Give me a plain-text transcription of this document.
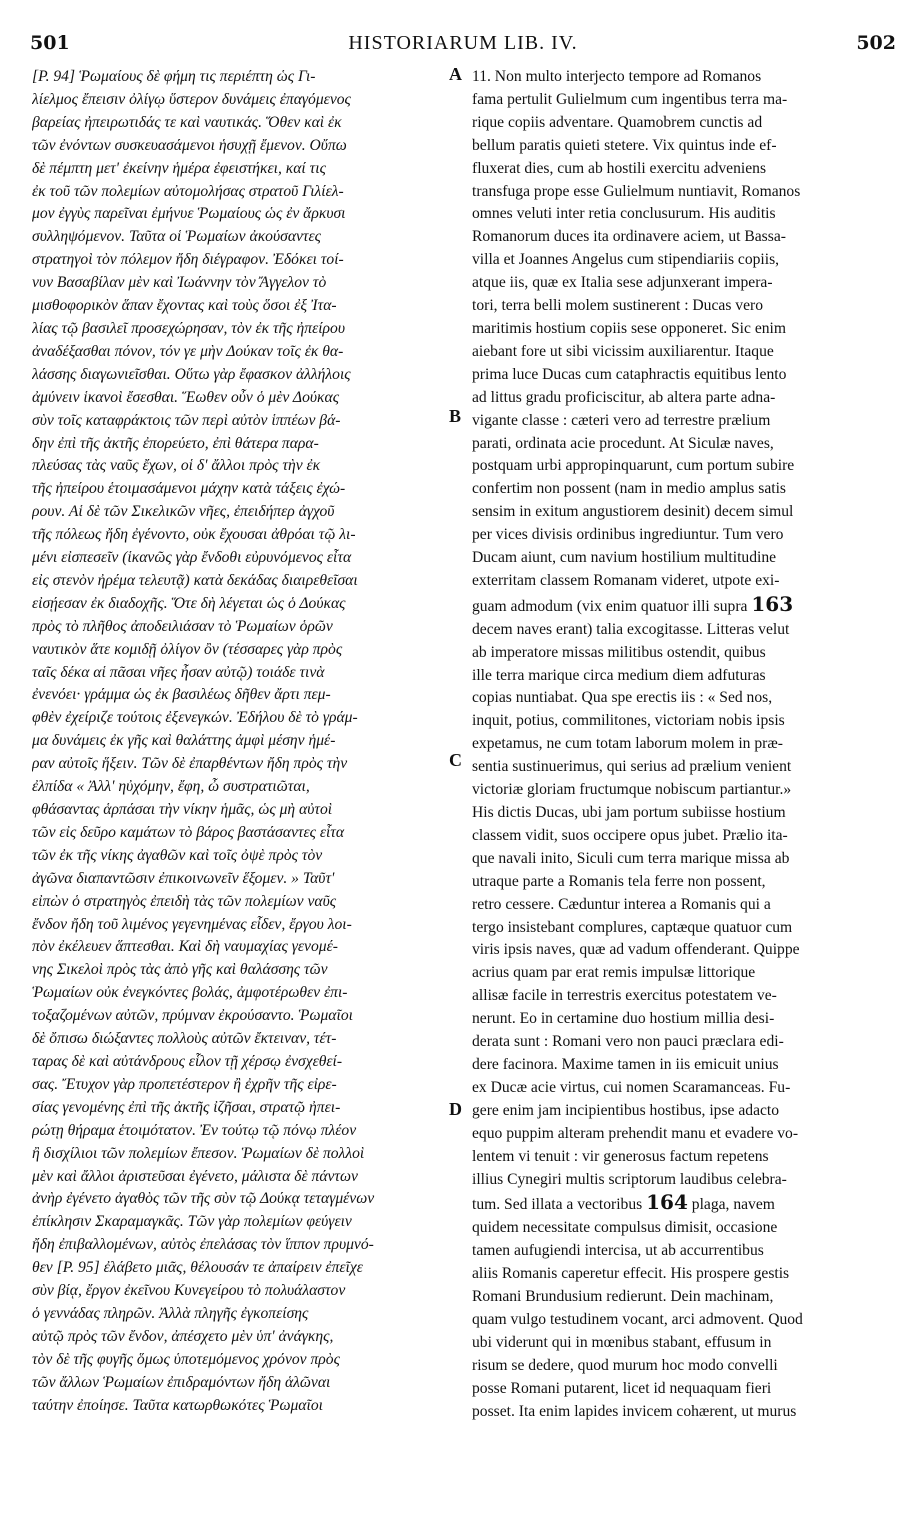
501	HISTORIARUM LIB. IV.	502
[P. 94] Ῥωμαίους δὲ φήμη τις περιέπτη ὡς Γι-
λίελμος ἔπεισιν ὀλίγῳ ὕστερον δυνάμεις ἐπαγόμενος
βαρείας ἠπειρωτιδάς τε καὶ ναυτικάς. Ὅθεν καὶ ἐκ
τῶν ἐνόντων συσκευασάμενοι ἡσυχῇ ἔμενον. Οὔπω
δὲ πέμπτη μετ' ἐκείνην ἡμέρα ἐφειστήκει, καί τις
ἐκ τοῦ τῶν πολεμίων αὐτομολήσας στρατοῦ Γιλίελ-
μον ἐγγὺς παρεῖναι ἐμήνυε Ῥωμαίους ὡς ἐν ἄρκυσι
συλληψόμενον. Ταῦτα οἱ Ῥωμαίων ἀκούσαντες
στρατηγοὶ τὸν πόλεμον ἤδη διέγραφον. Ἐδόκει τοί-
νυν Βασαβίλαν μὲν καὶ Ἰωάννην τὸν Ἄγγελον τὸ
μισθοφορικὸν ἅπαν ἔχοντας καὶ τοὺς ὅσοι ἐξ Ἰτα-
λίας τῷ βασιλεῖ προσεχώρησαν, τὸν ἐκ τῆς ἠπείρου
ἀναδέξασθαι πόνον, τόν γε μὴν Δούκαν τοῖς ἐκ θα-
λάσσης διαγωνιεῖσθαι. Οὕτω γὰρ ἔφασκον ἀλλήλοις
ἀμύνειν ἱκανοὶ ἔσεσθαι. Ἕωθεν οὖν ὁ μὲν Δούκας
σὺν τοῖς καταφράκτοις τῶν περὶ αὐτὸν ἱππέων βά-
δην ἐπὶ τῆς ἀκτῆς ἐπορεύετο, ἐπὶ θάτερα παρα-
πλεύσας τὰς ναῦς ἔχων, οἱ δ' ἄλλοι πρὸς τὴν ἐκ
τῆς ἠπείρου ἑτοιμασάμενοι μάχην κατὰ τάξεις ἐχώ-
ρουν. Αἱ δὲ τῶν Σικελικῶν νῆες, ἐπειδήπερ ἀγχοῦ
τῆς πόλεως ἤδη ἐγένοντο, οὐκ ἔχουσαι ἀθρόαι τῷ λι-
μένι εἰσπεσεῖν (ἱκανῶς γὰρ ἔνδοθι εὐρυνόμενος εἶτα
εἰς στενὸν ἠρέμα τελευτᾷ) κατὰ δεκάδας διαιρεθεῖσαι
εἰσῄεσαν ἐκ διαδοχῆς. Ὅτε δὴ λέγεται ὡς ὁ Δούκας
πρὸς τὸ πλῆθος ἀποδειλιάσαν τὸ Ῥωμαίων ὁρῶν
ναυτικὸν ἅτε κομιδῇ ὀλίγον ὂν (τέσσαρες γὰρ πρὸς
ταῖς δέκα αἱ πᾶσαι νῆες ἦσαν αὐτῷ) τοιάδε τινὰ
ἐνενόει· γράμμα ὡς ἐκ βασιλέως δῆθεν ἄρτι πεμ-
φθὲν ἐχείριζε τούτοις ἐξενεγκών. Ἐδήλου δὲ τὸ γράμ-
μα δυνάμεις ἐκ γῆς καὶ θαλάττης ἀμφὶ μέσην ἡμέ-
ραν αὐτοῖς ἥξειν. Τῶν δὲ ἐπαρθέντων ἤδη πρὸς τὴν
ἐλπίδα « Ἀλλ' ηὐχόμην, ἔφη, ὦ συστρατιῶται,
φθάσαντας ἁρπάσαι τὴν νίκην ἡμᾶς, ὡς μὴ αὐτοὶ
τῶν εἰς δεῦρο καμάτων τὸ βάρος βαστάσαντες εἶτα
τῶν ἐκ τῆς νίκης ἀγαθῶν καὶ τοῖς ὀψὲ πρὸς τὸν
ἀγῶνα διαπαντῶσιν ἐπικοινωνεῖν ἕξομεν. » Ταῦτ'
εἰπὼν ὁ στρατηγὸς ἐπειδὴ τὰς τῶν πολεμίων ναῦς
ἔνδον ἤδη τοῦ λιμένος γεγενημένας εἶδεν, ἔργου λοι-
πὸν ἐκέλευεν ἅπτεσθαι. Καὶ δὴ ναυμαχίας γενομέ-
νης Σικελοὶ πρὸς τὰς ἀπὸ γῆς καὶ θαλάσσης τῶν
Ῥωμαίων οὐκ ἐνεγκόντες βολάς, ἀμφοτέρωθεν ἐπι-
τοξαζομένων αὐτῶν, πρύμναν ἐκρούσαντο. Ῥωμαῖοι
δὲ ὄπισω διώξαντες πολλοὺς αὐτῶν ἔκτειναν, τέτ-
ταρας δὲ καὶ αὐτάνδρους εἷλον τῇ χέρσῳ ἐνσχεθεί-
σας. Ἔτυχον γὰρ προπετέστερον ἢ ἐχρῆν τῆς εἰρε-
σίας γενομένης ἐπὶ τῆς ἀκτῆς ἰζῆσαι, στρατῷ ἠπει-
ρώτῃ θήραμα ἑτοιμότατον. Ἐν τούτῳ τῷ πόνῳ πλέον
ἢ δισχίλιοι τῶν πολεμίων ἔπεσον. Ῥωμαίων δὲ πολλοὶ
μὲν καὶ ἄλλοι ἀριστεῦσαι ἐγένετο, μάλιστα δὲ πάντων
ἀνὴρ ἐγένετο ἀγαθὸς τῶν τῆς σὺν τῷ Δούκᾳ τεταγμένων
ἐπίκλησιν Σκαραμαγκᾶς. Τῶν γὰρ πολεμίων φεύγειν
ἤδη ἐπιβαλλομένων, αὐτὸς ἐπελάσας τὸν ἵππον πρυμνό-
θεν [P. 95] ἐλάβετο μιᾶς, θέλουσάν τε ἀπαίρειν ἐπεῖχε
σὺν βίᾳ, ἔργον ἐκεῖνου Κυνεγείρου τὸ πολυάλαστον
ὁ γεννάδας πληρῶν. Ἀλλὰ πληγῆς ἐγκοπείσης
αὐτῷ πρὸς τῶν ἔνδον, ἀπέσχετο μὲν ὑπ' ἀνάγκης,
τὸν δὲ τῆς φυγῆς ὅμως ὑποτεμόμενος χρόνον πρὸς
τῶν ἄλλων Ῥωμαίων ἐπιδραμόντων ἤδη ἁλῶναι
ταύτην ἐποίησε. Ταῦτα κατωρθωκότες Ῥωμαῖοι
11. Non multo interjecto tempore ad Romanos
fama pertulit Gulielmum cum ingentibus terra ma-
rique copiis adventare. Quamobrem cunctis ad
bellum paratis quieti stetere. Vix quintus inde ef-
fluxerat dies, cum ab hostili exercitu adveniens
transfuga prope esse Gulielmum nuntiavit, Romanos
omnes veluti inter retia conclusurum. His auditis
Romanorum duces ita ordinavere aciem, ut Bassa-
villa et Joannes Angelus cum stipendiariis copiis,
atque iis, quæ ex Italia sese adjunxerant impera-
tori, terra belli molem sustinerent : Ducas vero
maritimis hostium copiis sese opponeret. Sic enim
aiebant fore ut sibi vicissim auxiliarentur. Itaque
prima luce Ducas cum cataphractis equitibus lento
ad littus gradu proficiscitur, ab altera parte adna-
vigante classe : cæteri vero ad terrestre prælium
parati, ordinata acie procedunt. At Siculæ naves,
postquam urbi appropinquarunt, cum portum subire
confertim non possent (nam in medio amplus satis
sensim in exitum angustiorem desinit) decem simul
per vices divisis ordinibus ingrediuntur. Tum vero
Ducam aiunt, cum navium hostilium multitudine
exterritam classem Romanam videret, utpote exi-
guam admodum (vix enim quatuor illi supra 163
decem naves erant) talia excogitasse. Litteras velut
ab imperatore missas militibus ostendit, quibus
ille terra marique circa medium diem adfuturas
copias nuntiabat. Qua spe erectis iis : « Sed nos,
inquit, potius, commilitones, victoriam nobis ipsis
expetamus, ne cum totam laborum molem in præ-
sentia sustinuerimus, qui serius ad prælium venient
victoriæ gloriam fructumque nobiscum partiantur.»
His dictis Ducas, ubi jam portum subiisse hostium
classem vidit, suos occipere opus jubet. Prælio ita-
que navali inito, Siculi cum terra marique missa ab
utraque parte a Romanis tela ferre non possent,
retro cessere. Cæduntur interea a Romanis qui a
tergo insistebant complures, captæque quatuor cum
viris ipsis naves, quæ ad vadum offenderant. Quippe
acrius quam par erat remis impulsæ littorique
allisæ facile in terrestris exercitus potestatem ve-
nerunt. Eo in certamine duo hostium millia desi-
derata sunt : Romani vero non pauci præclara edi-
dere facinora. Maxime tamen in iis emicuit unius
ex Ducæ acie virtus, cui nomen Scaramanceas. Fu-
gere enim jam incipientibus hostibus, ipse adacto
equo puppim alteram prehendit manu et evadere vo-
lentem vi tenuit : vir generosus factum repetens
illius Cynegiri multis scriptorum laudibus celebra-
tum. Sed illata a vectoribus 164 plaga, navem
quidem necessitate compulsus dimisit, occasione
tamen aufugiendi intercisa, ut ab accurrentibus
aliis Romanis caperetur effecit. His prospere gestis
Romani Brundusium redierunt. Dein machinam,
quam vulgo testudinem vocant, arci admovent. Quod
ubi viderunt qui in mœnibus stabant, effusum in
risum se dedere, quod murum hoc modo convelli
posse Romani putarent, licet id nequaquam fieri
posset. Ita enim lapides invicem cohærent, ut murus
A
B
C
D
